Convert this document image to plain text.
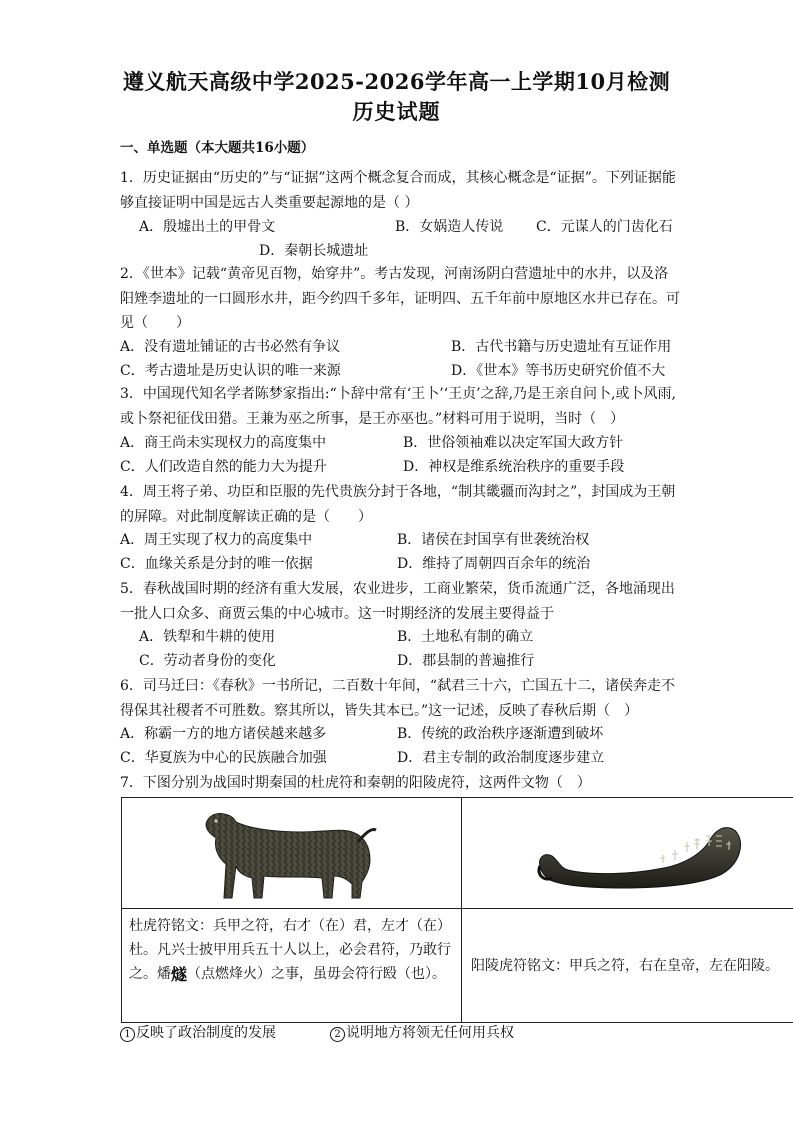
遵义航天高级中学2025-2026学年高一上学期10月检测
历史试题
一、单选题（本大题共16小题）
1．历史证据由“历史的”与“证据”这两个概念复合而成，其核心概念是“证据”。下列证据能够直接证明中国是远古人类重要起源地的是（ ）
A．殷墟出土的甲骨文	B．女娲造人传说 C．元谋人的门齿化石
D．秦朝长城遗址
2．《世本》记载“黄帝见百物，始穿井”。考古发现，河南汤阴白营遗址中的水井，以及洛阳矬李遗址的一口圆形水井，距今约四千多年，证明四、五千年前中原地区水井已存在。可见（　　）
A．没有遗址铺证的古书必然有争议	B．古代书籍与历史遗址有互证作用
C．考古遗址是历史认识的唯一来源	D．《世本》等书历史研究价值不大
3．中国现代知名学者陈梦家指出:“卜辞中常有‘王卜’‘王贞’之辞,乃是王亲自问卜,或卜风雨,或卜祭祀征伐田猎。王兼为巫之所事，是王亦巫也。”材料可用于说明，当时（　）
A．商王尚未实现权力的高度集中	B．世俗领袖难以决定军国大政方针
C．人们改造自然的能力大为提升	D．神权是维系统治秩序的重要手段
4．周王将子弟、功臣和臣服的先代贵族分封于各地，“制其畿疆而沟封之”，封国成为王朝的屏障。对此制度解读正确的是（　　）
A．周王实现了权力的高度集中	B．诸侯在封国享有世袭统治权
C．血缘关系是分封的唯一依据	D．维持了周朝四百余年的统治
5．春秋战国时期的经济有重大发展，农业进步，工商业繁荣，货币流通广泛，各地涌现出一批人口众多、商贾云集的中心城市。这一时期经济的发展主要得益于
A．铁犁和牛耕的使用	B．土地私有制的确立
C．劳动者身份的变化	D．郡县制的普遍推行
6．司马迁曰：《春秋》一书所记，二百数十年间，“弑君三十六，亡国五十二，诸侯奔走不得保其社稷者不可胜数。察其所以，皆失其本已。”这一记述，反映了春秋后期（　）
A．称霸一方的地方诸侯越来越多	B．传统的政治秩序逐渐遭到破坏
C．华夏族为中心的民族融合加强	D．君主专制的政治制度逐步建立
7．下图分别为战国时期秦国的杜虎符和秦朝的阳陵虎符，这两件文物（　）
杜虎符铭文：兵甲之符，右才（在）君，左才（在）杜。凡兴士披甲用兵五十人以上，必会君符，乃敢行之。燔燧（点燃烽火）之事，虽毋会符行殹（也）。	阳陵虎符铭文：甲兵之符，右在皇帝，左在阳陵。
1 反映了政治制度的发展	2 说明地方将领无任何用兵权
